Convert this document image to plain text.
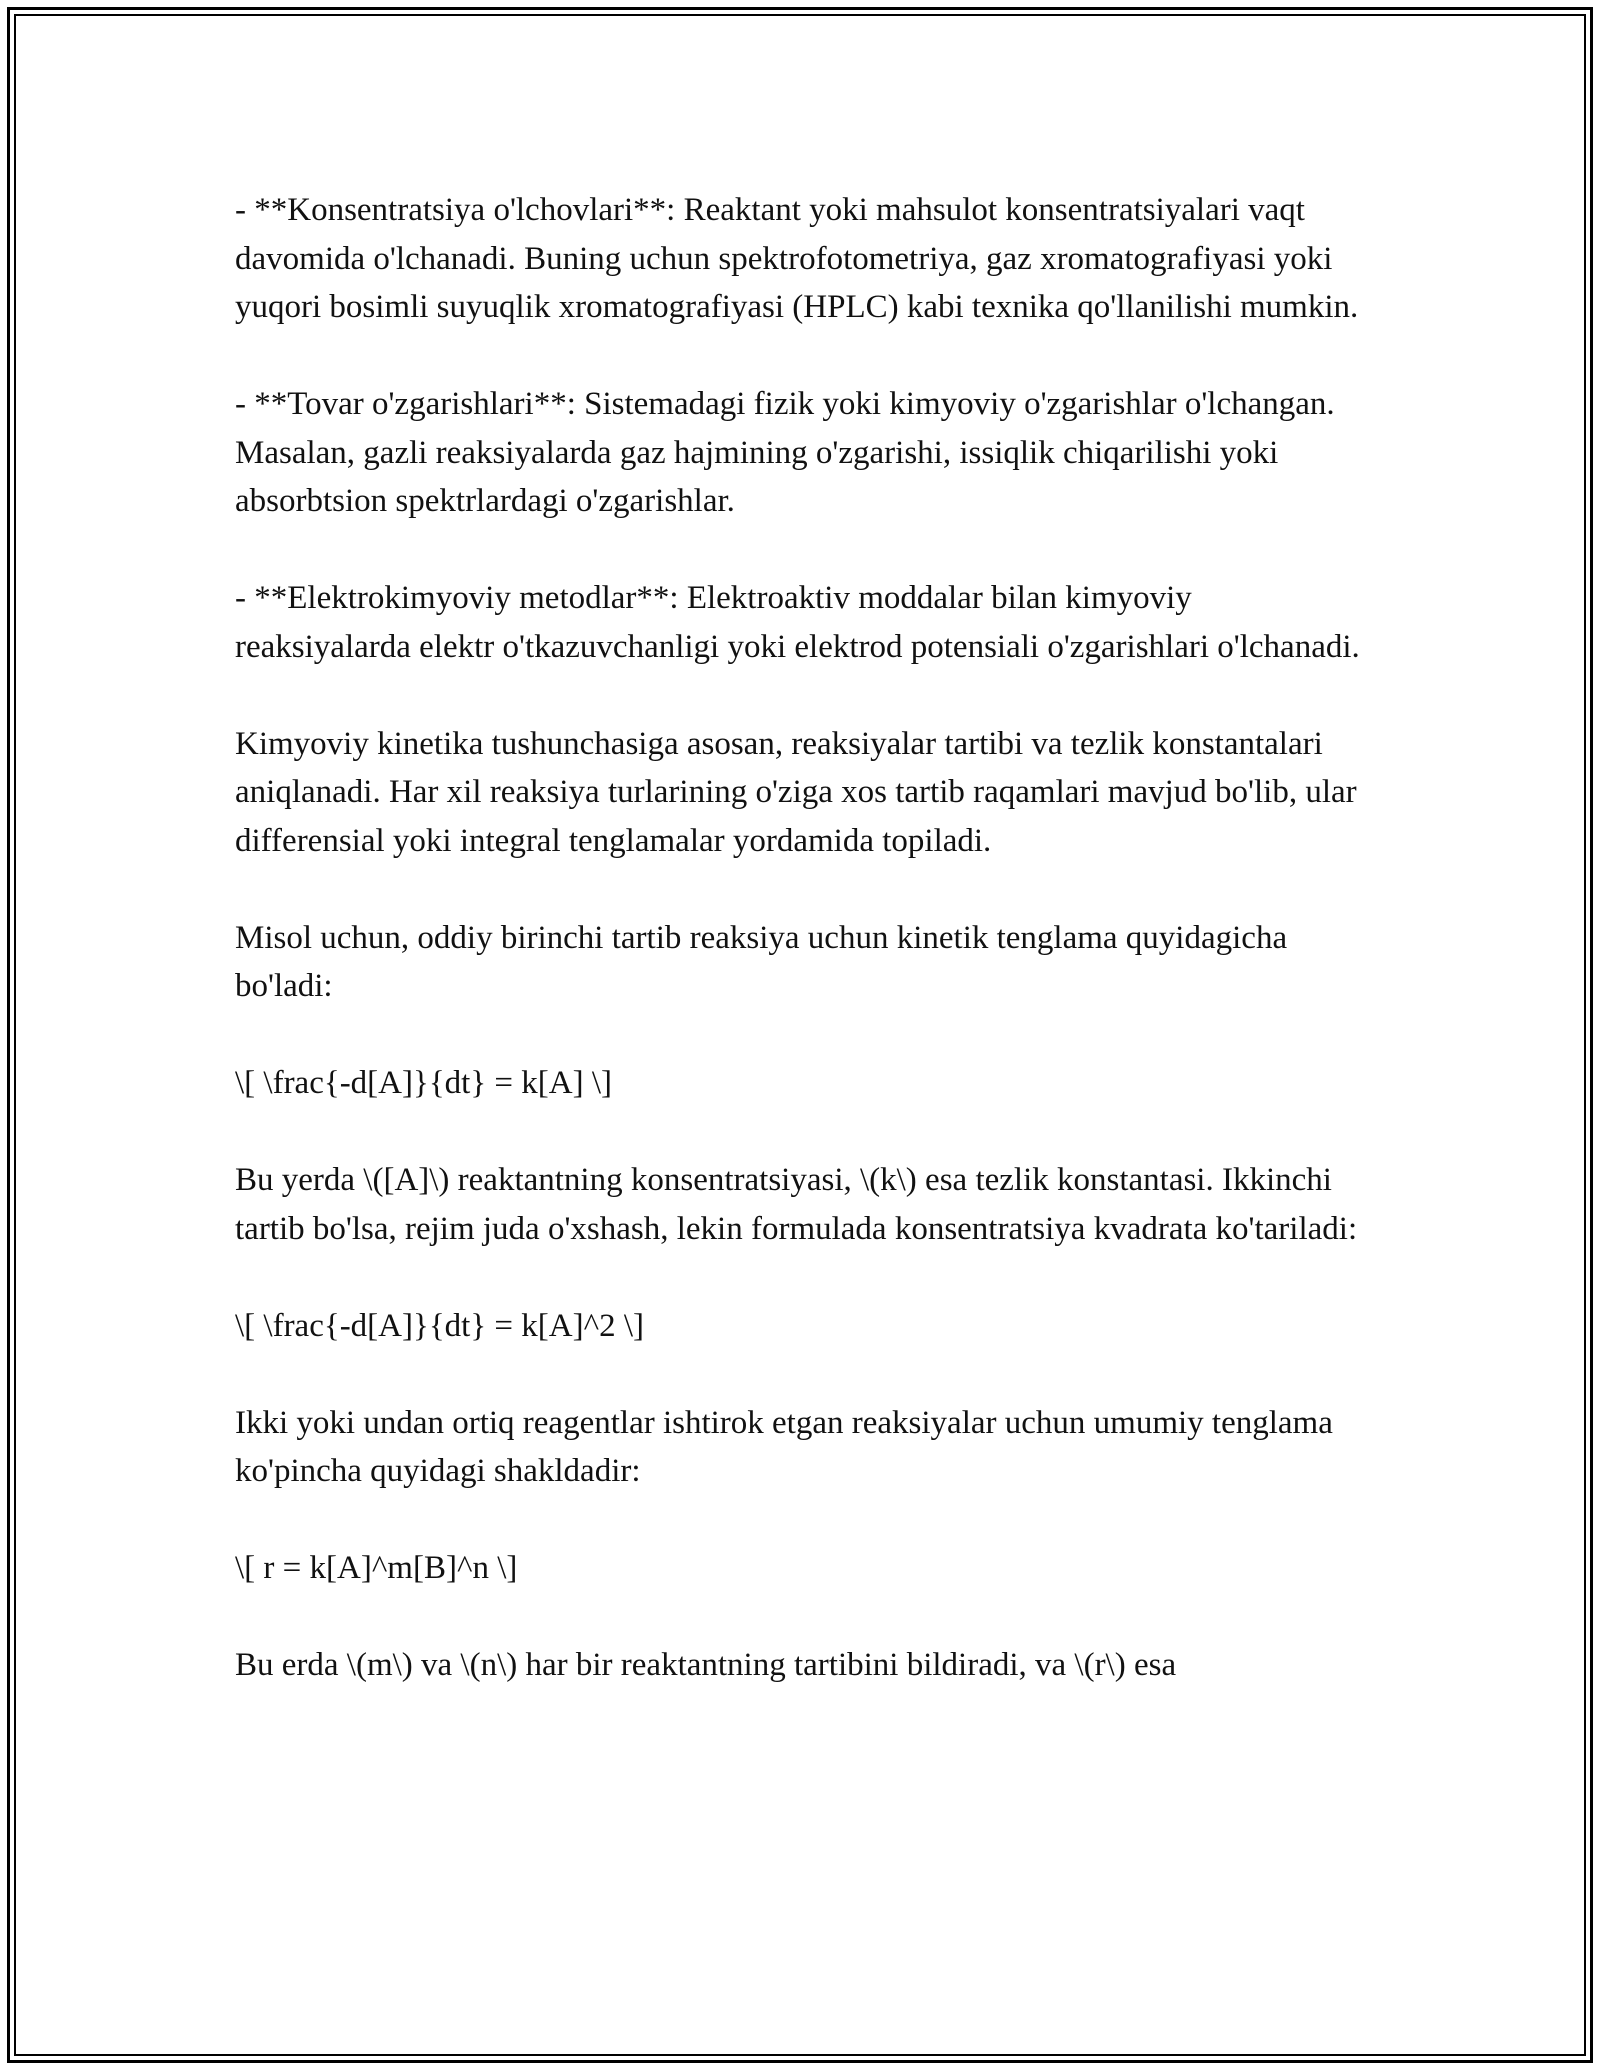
- **Konsentratsiya o'lchovlari**: Reaktant yoki mahsulot konsentratsiyalari vaqt davomida o'lchanadi. Buning uchun spektrofotometriya, gaz xromatografiyasi yoki yuqori bosimli suyuqlik xromatografiyasi (HPLC) kabi texnika qo'llanilishi mumkin.

- **Tovar o'zgarishlari**: Sistemadagi fizik yoki kimyoviy o'zgarishlar o'lchangan. Masalan, gazli reaksiyalarda gaz hajmining o'zgarishi, issiqlik chiqarilishi yoki absorbtsion spektrlardagi o'zgarishlar.

- **Elektrokimyoviy metodlar**: Elektroaktiv moddalar bilan kimyoviy reaksiyalarda elektr o'tkazuvchanligi yoki elektrod potensiali o'zgarishlari o'lchanadi.

Kimyoviy kinetika tushunchasiga asosan, reaksiyalar tartibi va tezlik konstantalari aniqlanadi. Har xil reaksiya turlarining o'ziga xos tartib raqamlari mavjud bo'lib, ular differensial yoki integral tenglamalar yordamida topiladi.

Misol uchun, oddiy birinchi tartib reaksiya uchun kinetik tenglama quyidagicha bo'ladi:

\[ \frac{-d[A]}{dt} = k[A] \]

Bu yerda \([A]\) reaktantning konsentratsiyasi, \(k\) esa tezlik konstantasi. Ikkinchi tartib bo'lsa, rejim juda o'xshash, lekin formulada konsentratsiya kvadrata ko'tariladi:

\[ \frac{-d[A]}{dt} = k[A]^2 \]

Ikki yoki undan ortiq reagentlar ishtirok etgan reaksiyalar uchun umumiy tenglama ko'pincha quyidagi shakldadir:

\[ r = k[A]^m[B]^n \]

Bu erda \(m\) va \(n\) har bir reaktantning tartibini bildiradi, va \(r\) esa
